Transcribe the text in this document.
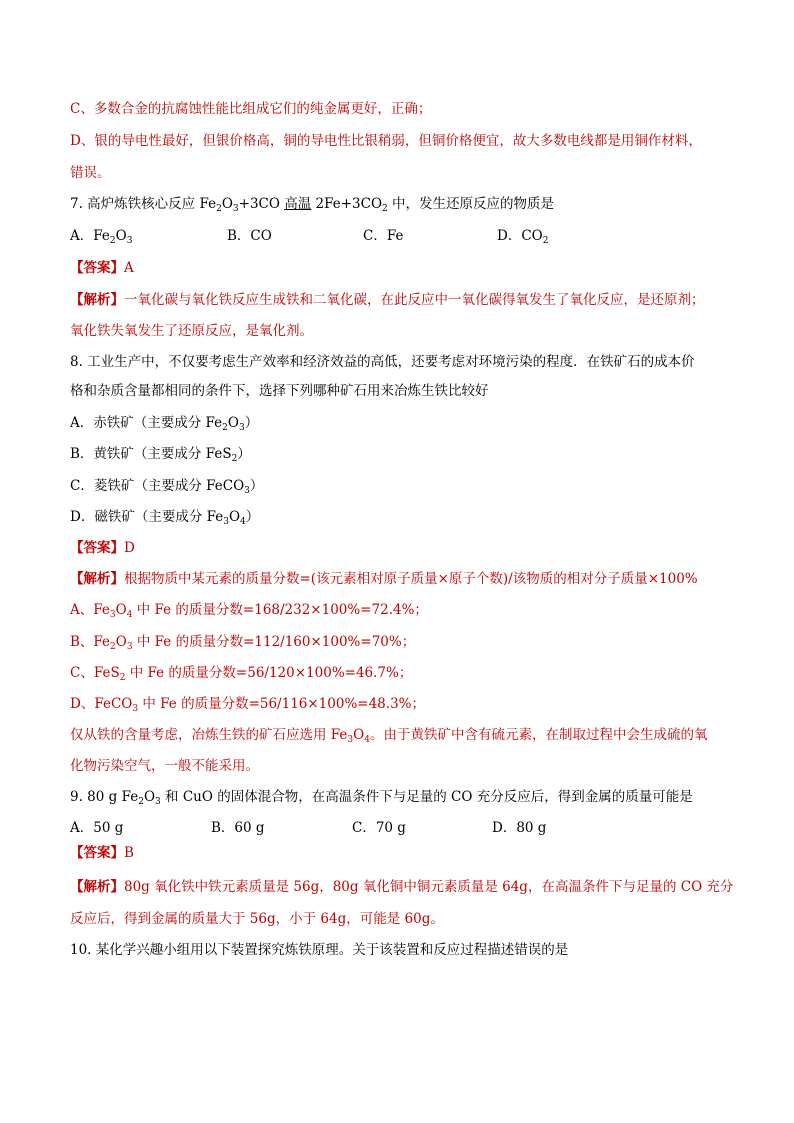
C、多数合金的抗腐蚀性能比组成它们的纯金属更好，正确；
D、银的导电性最好，但银价格高，铜的导电性比银稍弱，但铜价格便宜，故大多数电线都是用铜作材料，
错误。
7. 高炉炼铁核心反应 $Fe_2O_3+3CO$ 高温 $2Fe+3CO_2$ 中，发生还原反应的物质是
A．$Fe_2O_3$	B．CO	C．Fe	D．$CO_2$
【答案】A
【解析】一氧化碳与氧化铁反应生成铁和二氧化碳，在此反应中一氧化碳得氧发生了氧化反应，是还原剂；
氧化铁失氧发生了还原反应，是氧化剂。
8. 工业生产中，不仅要考虑生产效率和经济效益的高低，还要考虑对环境污染的程度．在铁矿石的成本价
格和杂质含量都相同的条件下，选择下列哪种矿石用来冶炼生铁比较好
A．赤铁矿（主要成分 $Fe_2O_3$）
B．黄铁矿（主要成分 FeS$_2$）
C．菱铁矿（主要成分 FeCO$_3$）
D．磁铁矿（主要成分 $Fe_3O_4$）
【答案】D
【解析】根据物质中某元素的质量分数=(该元素相对原子质量×原子个数)/该物质的相对分子质量×100%
A、$Fe_3O_4$ 中 Fe 的质量分数=168/232×100%=72.4%；
B、$Fe_2O_3$ 中 Fe 的质量分数=112/160×100%=70%；
C、FeS$_2$ 中 Fe 的质量分数=56/120×100%=46.7%；
D、FeCO$_3$ 中 Fe 的质量分数=56/116×100%=48.3%；
仅从铁的含量考虑，冶炼生铁的矿石应选用 $Fe_3O_4$。由于黄铁矿中含有硫元素，在制取过程中会生成硫的氧
化物污染空气，一般不能采用。
9. 80 g $Fe_2O_3$ 和 CuO 的固体混合物，在高温条件下与足量的 CO 充分反应后，得到金属的质量可能是
A．50 g	B．60 g	C．70 g	D．80 g
【答案】B
【解析】80g 氧化铁中铁元素质量是 56g，80g 氧化铜中铜元素质量是 64g，在高温条件下与足量的 CO 充分
反应后，得到金属的质量大于 56g，小于 64g，可能是 60g。
10. 某化学兴趣小组用以下装置探究炼铁原理。关于该装置和反应过程描述错误的是
